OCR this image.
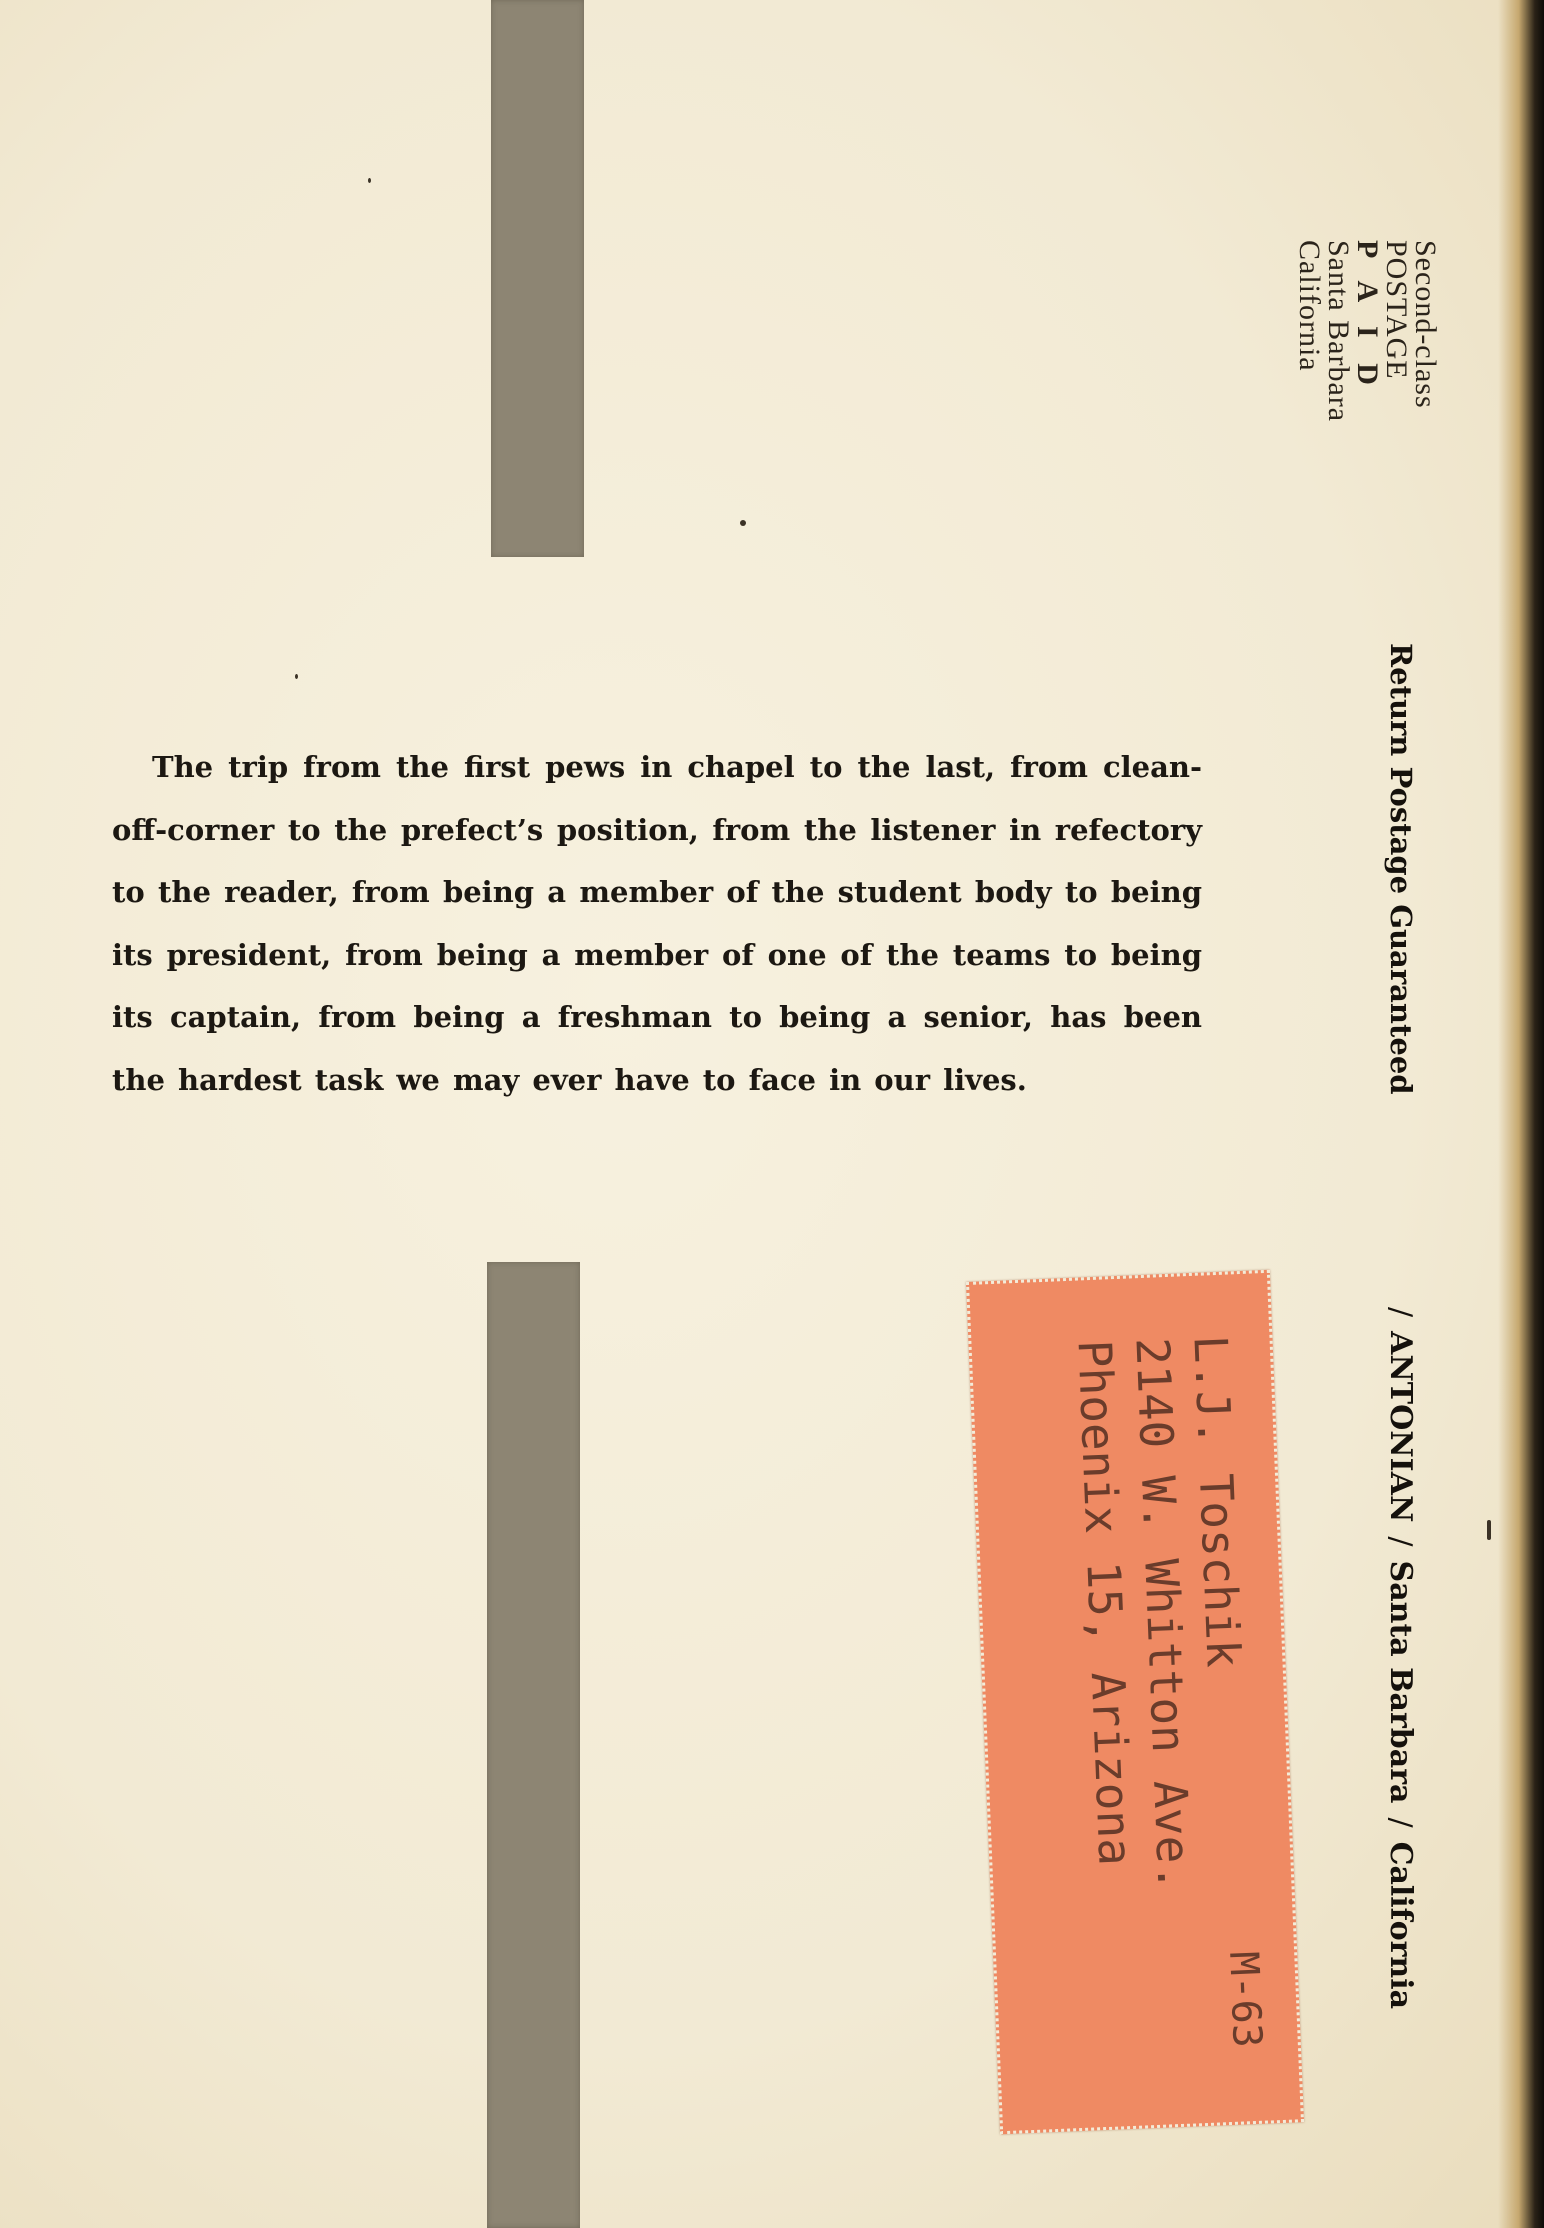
Second-class
POSTAGE
P A I D
Santa Barbara
California
Return Postage Guaranteed
/ANTONIAN/Santa Barbara/California

The trip from the first pews in chapel to the last, from clean-off-corner to the prefect’s position, from the listener in refectory to the reader, from being a member of the student body to being its president, from being a member of one of the teams to being its captain, from being a freshman to being a senior, has been the hardest task we may ever have to face in our lives.

L.J. Toschik
2140 W. Whitton Ave.
Phoenix 15, Arizona
M-63
